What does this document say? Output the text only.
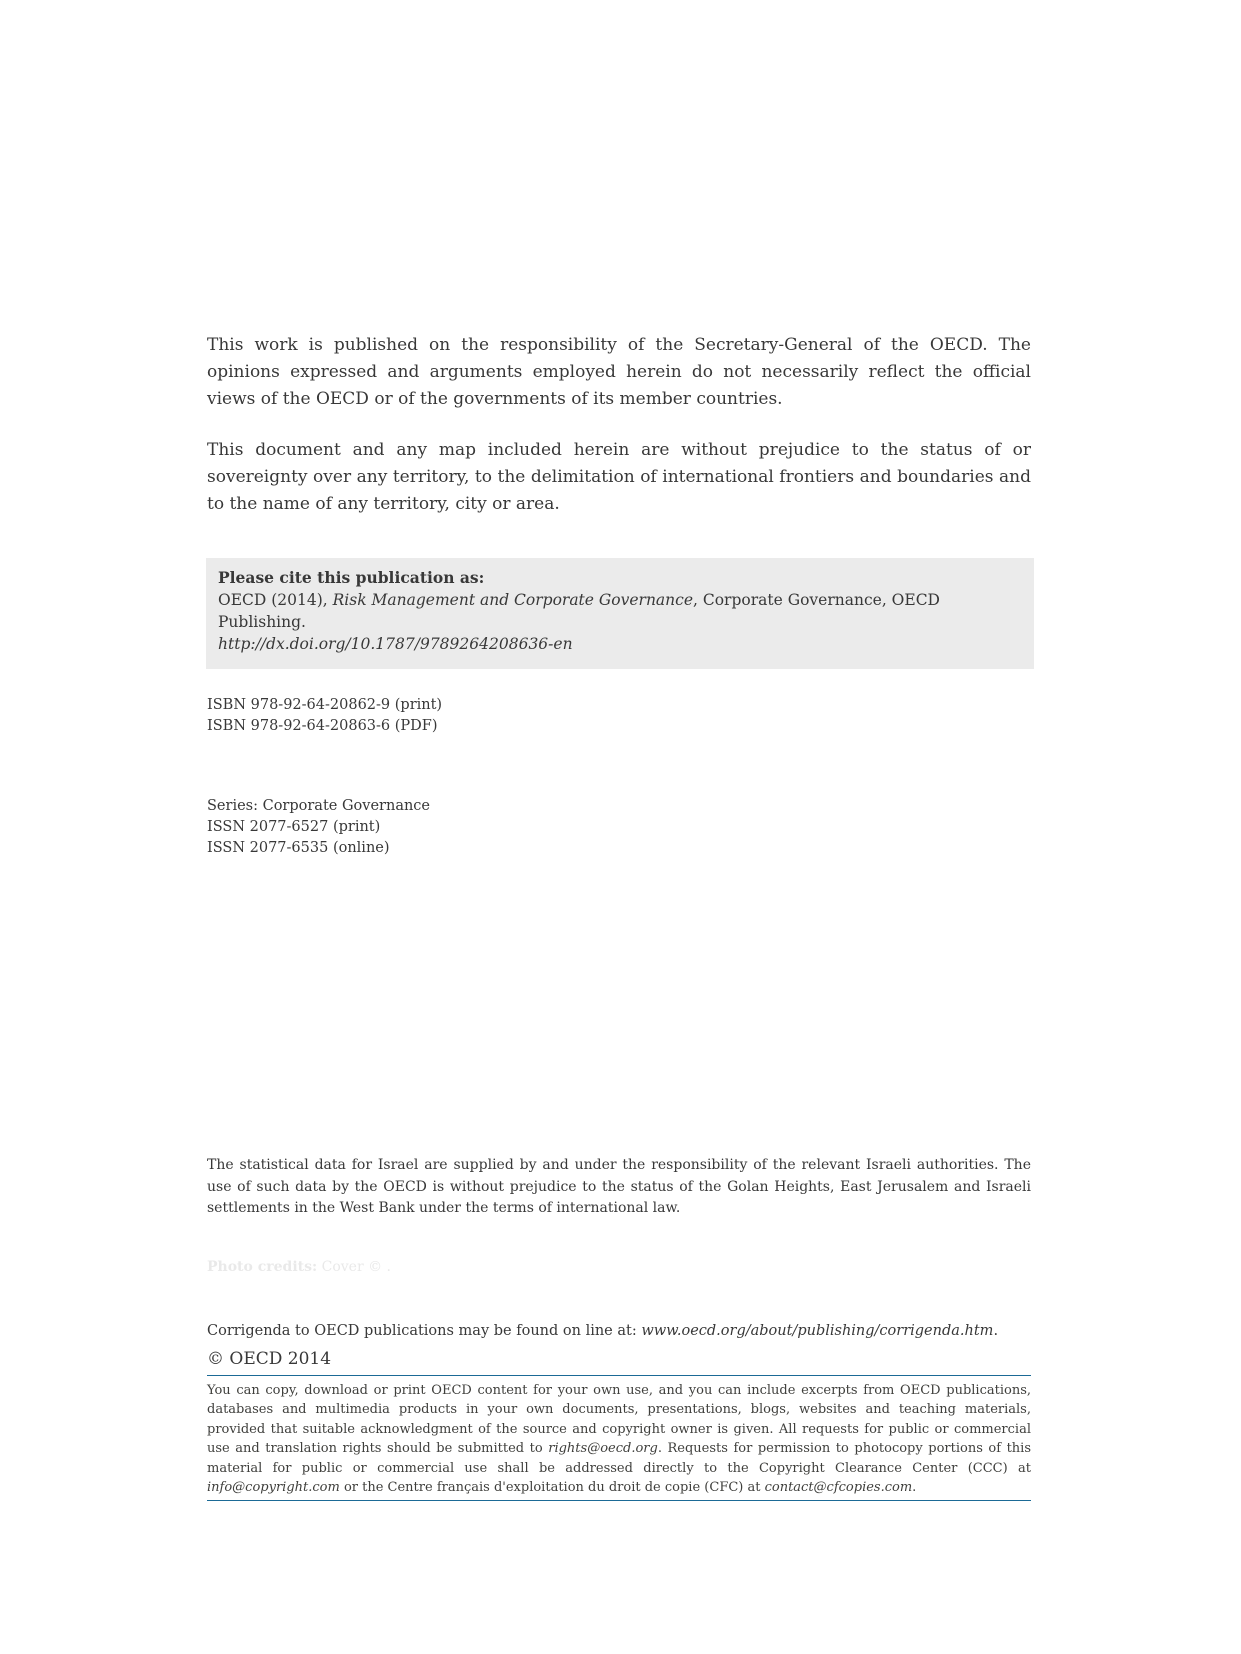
This work is published on the responsibility of the Secretary-General of the OECD. The opinions expressed and arguments employed herein do not necessarily reflect the official views of the OECD or of the governments of its member countries.

This document and any map included herein are without prejudice to the status of or sovereignty over any territory, to the delimitation of international frontiers and boundaries and to the name of any territory, city or area.

Please cite this publication as:

OECD (2014), Risk Management and Corporate Governance, Corporate Governance, OECD Publishing.

http://dx.doi.org/10.1787/9789264208636-en

ISBN 978-92-64-20862-9 (print)

ISBN 978-92-64-20863-6 (PDF)

Series: Corporate Governance

ISSN 2077-6527 (print)

ISSN 2077-6535 (online)

The statistical data for Israel are supplied by and under the responsibility of the relevant Israeli authorities. The use of such data by the OECD is without prejudice to the status of the Golan Heights, East Jerusalem and Israeli settlements in the West Bank under the terms of international law.

Photo credits: Cover © .

Corrigenda to OECD publications may be found on line at: www.oecd.org/about/publishing/corrigenda.htm.

© OECD 2014

You can copy, download or print OECD content for your own use, and you can include excerpts from OECD publications, databases and multimedia products in your own documents, presentations, blogs, websites and teaching materials, provided that suitable acknowledgment of the source and copyright owner is given. All requests for public or commercial use and translation rights should be submitted to rights@oecd.org. Requests for permission to photocopy portions of this material for public or commercial use shall be addressed directly to the Copyright Clearance Center (CCC) at info@copyright.com or the Centre français d'exploitation du droit de copie (CFC) at contact@cfcopies.com.
